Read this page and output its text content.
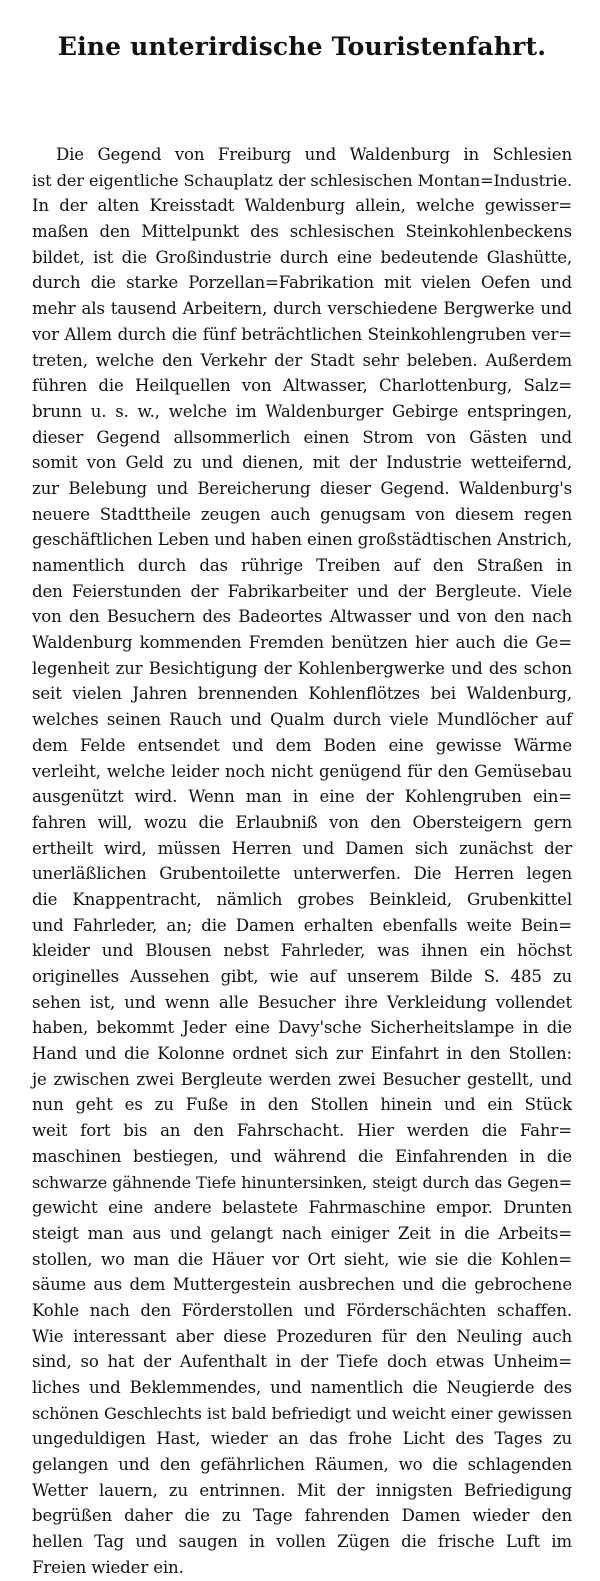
Eine unterirdische Touristenfahrt.
Die Gegend von Freiburg und Waldenburg in Schlesien
ist der eigentliche Schauplatz der schlesischen Montan=Industrie.
In der alten Kreisstadt Waldenburg allein, welche gewisser=
maßen den Mittelpunkt des schlesischen Steinkohlenbeckens
bildet, ist die Großindustrie durch eine bedeutende Glashütte,
durch die starke Porzellan=Fabrikation mit vielen Oefen und
mehr als tausend Arbeitern, durch verschiedene Bergwerke und
vor Allem durch die fünf beträchtlichen Steinkohlengruben ver=
treten, welche den Verkehr der Stadt sehr beleben. Außerdem
führen die Heilquellen von Altwasser, Charlottenburg, Salz=
brunn u. s. w., welche im Waldenburger Gebirge entspringen,
dieser Gegend allsommerlich einen Strom von Gästen und
somit von Geld zu und dienen, mit der Industrie wetteifernd,
zur Belebung und Bereicherung dieser Gegend. Waldenburg's
neuere Stadttheile zeugen auch genugsam von diesem regen
geschäftlichen Leben und haben einen großstädtischen Anstrich,
namentlich durch das rührige Treiben auf den Straßen in
den Feierstunden der Fabrikarbeiter und der Bergleute. Viele
von den Besuchern des Badeortes Altwasser und von den nach
Waldenburg kommenden Fremden benützen hier auch die Ge=
legenheit zur Besichtigung der Kohlenbergwerke und des schon
seit vielen Jahren brennenden Kohlenflötzes bei Waldenburg,
welches seinen Rauch und Qualm durch viele Mundlöcher auf
dem Felde entsendet und dem Boden eine gewisse Wärme
verleiht, welche leider noch nicht genügend für den Gemüsebau
ausgenützt wird. Wenn man in eine der Kohlengruben ein=
fahren will, wozu die Erlaubniß von den Obersteigern gern
ertheilt wird, müssen Herren und Damen sich zunächst der
unerläßlichen Grubentoilette unterwerfen. Die Herren legen
die Knappentracht, nämlich grobes Beinkleid, Grubenkittel
und Fahrleder, an; die Damen erhalten ebenfalls weite Bein=
kleider und Blousen nebst Fahrleder, was ihnen ein höchst
originelles Aussehen gibt, wie auf unserem Bilde S. 485 zu
sehen ist, und wenn alle Besucher ihre Verkleidung vollendet
haben, bekommt Jeder eine Davy'sche Sicherheitslampe in die
Hand und die Kolonne ordnet sich zur Einfahrt in den Stollen:
je zwischen zwei Bergleute werden zwei Besucher gestellt, und
nun geht es zu Fuße in den Stollen hinein und ein Stück
weit fort bis an den Fahrschacht. Hier werden die Fahr=
maschinen bestiegen, und während die Einfahrenden in die
schwarze gähnende Tiefe hinuntersinken, steigt durch das Gegen=
gewicht eine andere belastete Fahrmaschine empor. Drunten
steigt man aus und gelangt nach einiger Zeit in die Arbeits=
stollen, wo man die Häuer vor Ort sieht, wie sie die Kohlen=
säume aus dem Muttergestein ausbrechen und die gebrochene
Kohle nach den Förderstollen und Förderschächten schaffen.
Wie interessant aber diese Prozeduren für den Neuling auch
sind, so hat der Aufenthalt in der Tiefe doch etwas Unheim=
liches und Beklemmendes, und namentlich die Neugierde des
schönen Geschlechts ist bald befriedigt und weicht einer gewissen
ungeduldigen Hast, wieder an das frohe Licht des Tages zu
gelangen und den gefährlichen Räumen, wo die schlagenden
Wetter lauern, zu entrinnen. Mit der innigsten Befriedigung
begrüßen daher die zu Tage fahrenden Damen wieder den
hellen Tag und saugen in vollen Zügen die frische Luft im
Freien wieder ein.
